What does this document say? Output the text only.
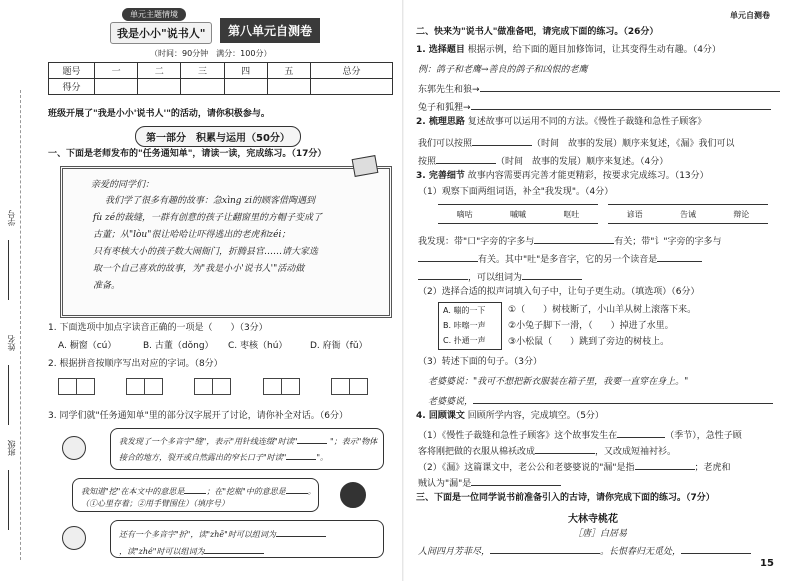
学号
姓名
班级
单元主题情境
我是小小"说书人"	第八单元自测卷
（时间：90分钟　满分：100分）
题号	一	二	三	四	五	总分
得分						
班级开展了"我是小小'说书人'"的活动，请你积极参与。
第一部分　积累与运用（50分）
一、下面是老师发布的"任务通知单"，请读一读，完成练习。（17分）
亲爱的同学们：
我们学了很多有趣的故事：急xìng zi的顾客借陶遇到
fù zé的裁缝，一群有创意的孩子让翻窗里的方帽子变成了
古董；从"lòu"很让哈哈让吓得逃出的老虎和zéi；
只有枣核大小的孩子数大闹衙门，折腾县官……请大家选
取一个自己喜欢的故事，为"我是小小'说书人'"活动做
准备。
1. 下面选项中加点字读音正确的一项是（　　）（3分）
A. 橱窗（cú）	B. 古董（dǒng） C. 枣核（hú）	D. 府衙（fǔ）
2. 根据拼音按顺序写出对应的字词。（8分）

3. 同学们就"任务通知单"里的部分汉字展开了讨论，请你补全对话。（6分）
我发现了一个多音字"缝"，表示"用针线连缀"时读"	"；表示"物体接合的地方，裂开或自然露出的窄长口子"时读"	"。
我知道"挖"在本文中的意思是	；在"挖瓶"中的意思是	。（①心里存着；②用手臂围住）（填序号）
还有一个多音字"折"，读"zhē"时可以组词为
，读"zhé"时可以组词为
单元自测卷
二、快来为"说书人"做准备吧，请完成下面的练习。（26分）
1. 选择题目 根据示例，给下面的题目加修饰词，让其变得生动有趣。（4分）
例：鸽子和老鹰→善良的鸽子和凶恨的老鹰
东郭先生和狼→
兔子和狐狸→
2. 梳理思路 复述故事可以运用不同的方法。《慢性子裁缝和急性子顾客》
我们可以按照	（时间　故事的发展）顺序来复述，《漏》我们可以
按照	（时间　故事的发展）顺序来复述。（4分）
3. 完善细节 故事内容需要再完善才能更精彩，按要求完成练习。（13分）
（1）观察下面两组词语，补全"我发现"。（4分）
嘀咕	嘁嘁	呕吐	谚语	告诫	辩论
我发现：带"口"字旁的字多与	有关；带"讠"字旁的字多与
有关。其中"吐"是多音字，它的另一个读音是
，可以组词为
（2）选择合适的拟声词填入句子中，让句子更生动。（填选项）（6分）
A. 嘣的一下
B. 咔嚓一声
C. 扑通一声
①（　　）树枝断了，小山羊从树上滚落下来。
②小兔子脚下一滑，（　　）掉进了水里。
③小松鼠（　　）跳到了旁边的树枝上。
（3）转述下面的句子。（3分）
老婆婆说："我可不想把新衣服装在箱子里，我要一直穿在身上。"
老婆婆说，
4. 回顾课文 回顾所学内容，完成填空。（5分）
（1）《慢性子裁缝和急性子顾客》这个故事发生在	（季节），急性子顾
客将刚把做的衣服从棉袄改成	，又改成短袖衬衫。
（2）《漏》这篇课文中，老公公和老婆婆说的"漏"是指	；老虎和
贼认为"漏"是
三、下面是一位同学说书前准备引入的古诗，请你完成下面的练习。（7分）
大林寺桃花
［唐］白居易
人间四月芳菲尽，	。长恨春归无觅处，
15
